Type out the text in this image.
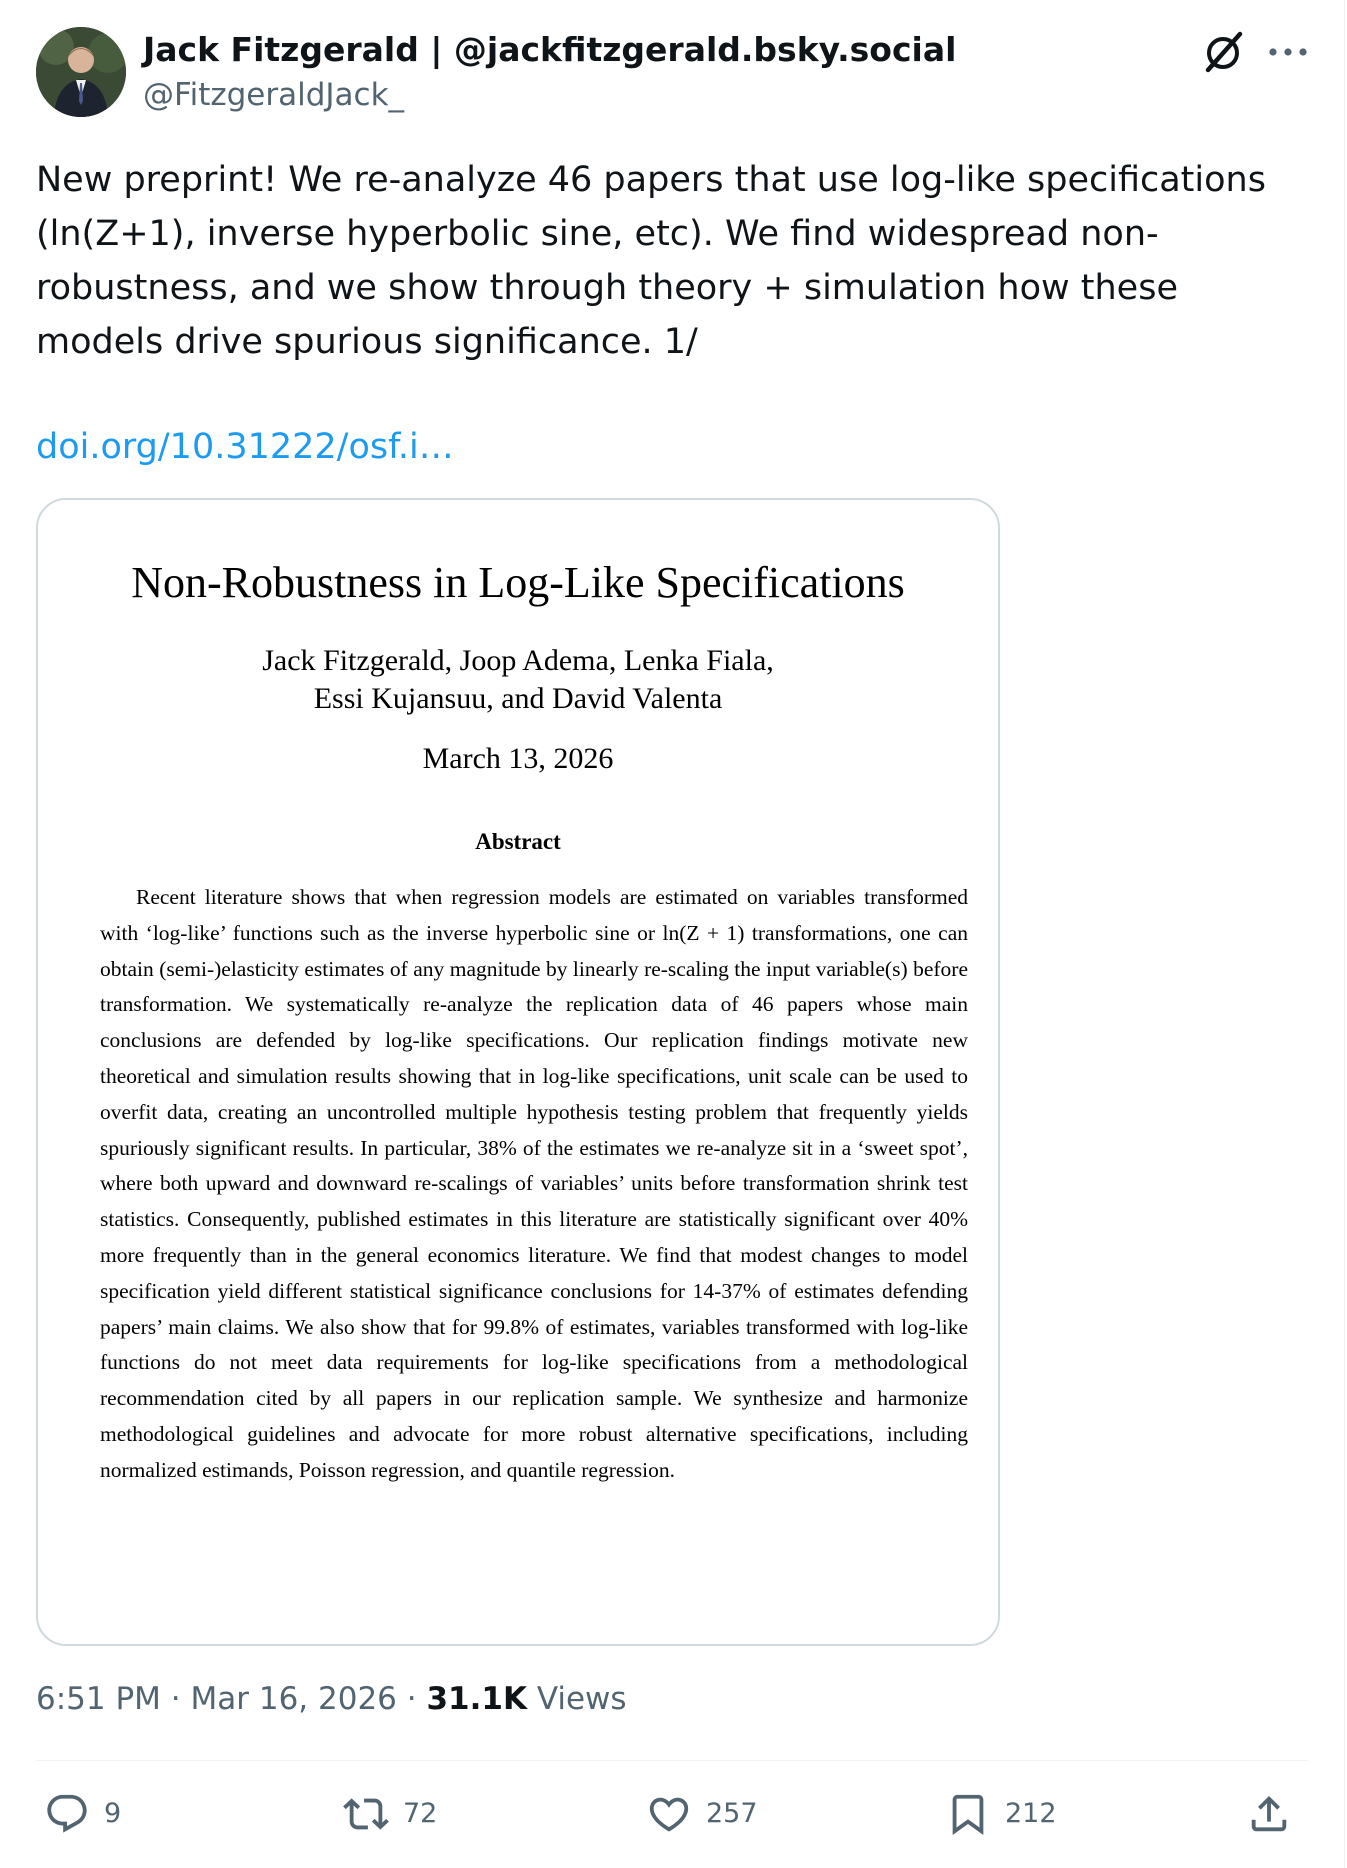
Jack Fitzgerald | @jackfitzgerald.bsky.social
@FitzgeraldJack_
New preprint! We re-analyze 46 papers that use log-like specifications (ln(Z+1), inverse hyperbolic sine, etc). We find widespread non-robustness, and we show through theory + simulation how these models drive spurious significance. 1/
doi.org/10.31222/osf.i…
Non-Robustness in Log-Like Specifications
Jack Fitzgerald, Joop Adema, Lenka Fiala,
Essi Kujansuu, and David Valenta
March 13, 2026
Abstract
Recent literature shows that when regression models are estimated on variables transformed with ‘log-like’ functions such as the inverse hyperbolic sine or ln(Z + 1) transformations, one can obtain (semi-)elasticity estimates of any magnitude by linearly re-scaling the input variable(s) before transformation. We systematically re-analyze the replication data of 46 papers whose main conclusions are defended by log-like specifications. Our replication findings motivate new theoretical and simulation results showing that in log-like specifications, unit scale can be used to overfit data, creating an uncontrolled multiple hypothesis testing problem that frequently yields spuriously significant results. In particular, 38% of the estimates we re-analyze sit in a ‘sweet spot’, where both upward and downward re-scalings of variables’ units before transformation shrink test statistics. Consequently, published estimates in this literature are statistically significant over 40% more frequently than in the general economics literature. We find that modest changes to model specification yield different statistical significance conclusions for 14-37% of estimates defending papers’ main claims. We also show that for 99.8% of estimates, variables transformed with log-like functions do not meet data requirements for log-like specifications from a methodological recommendation cited by all papers in our replication sample. We synthesize and harmonize methodological guidelines and advocate for more robust alternative specifications, including normalized estimands, Poisson regression, and quantile regression.
6:51 PM · Mar 16, 2026 · 31.1K Views
9	72	257	212
